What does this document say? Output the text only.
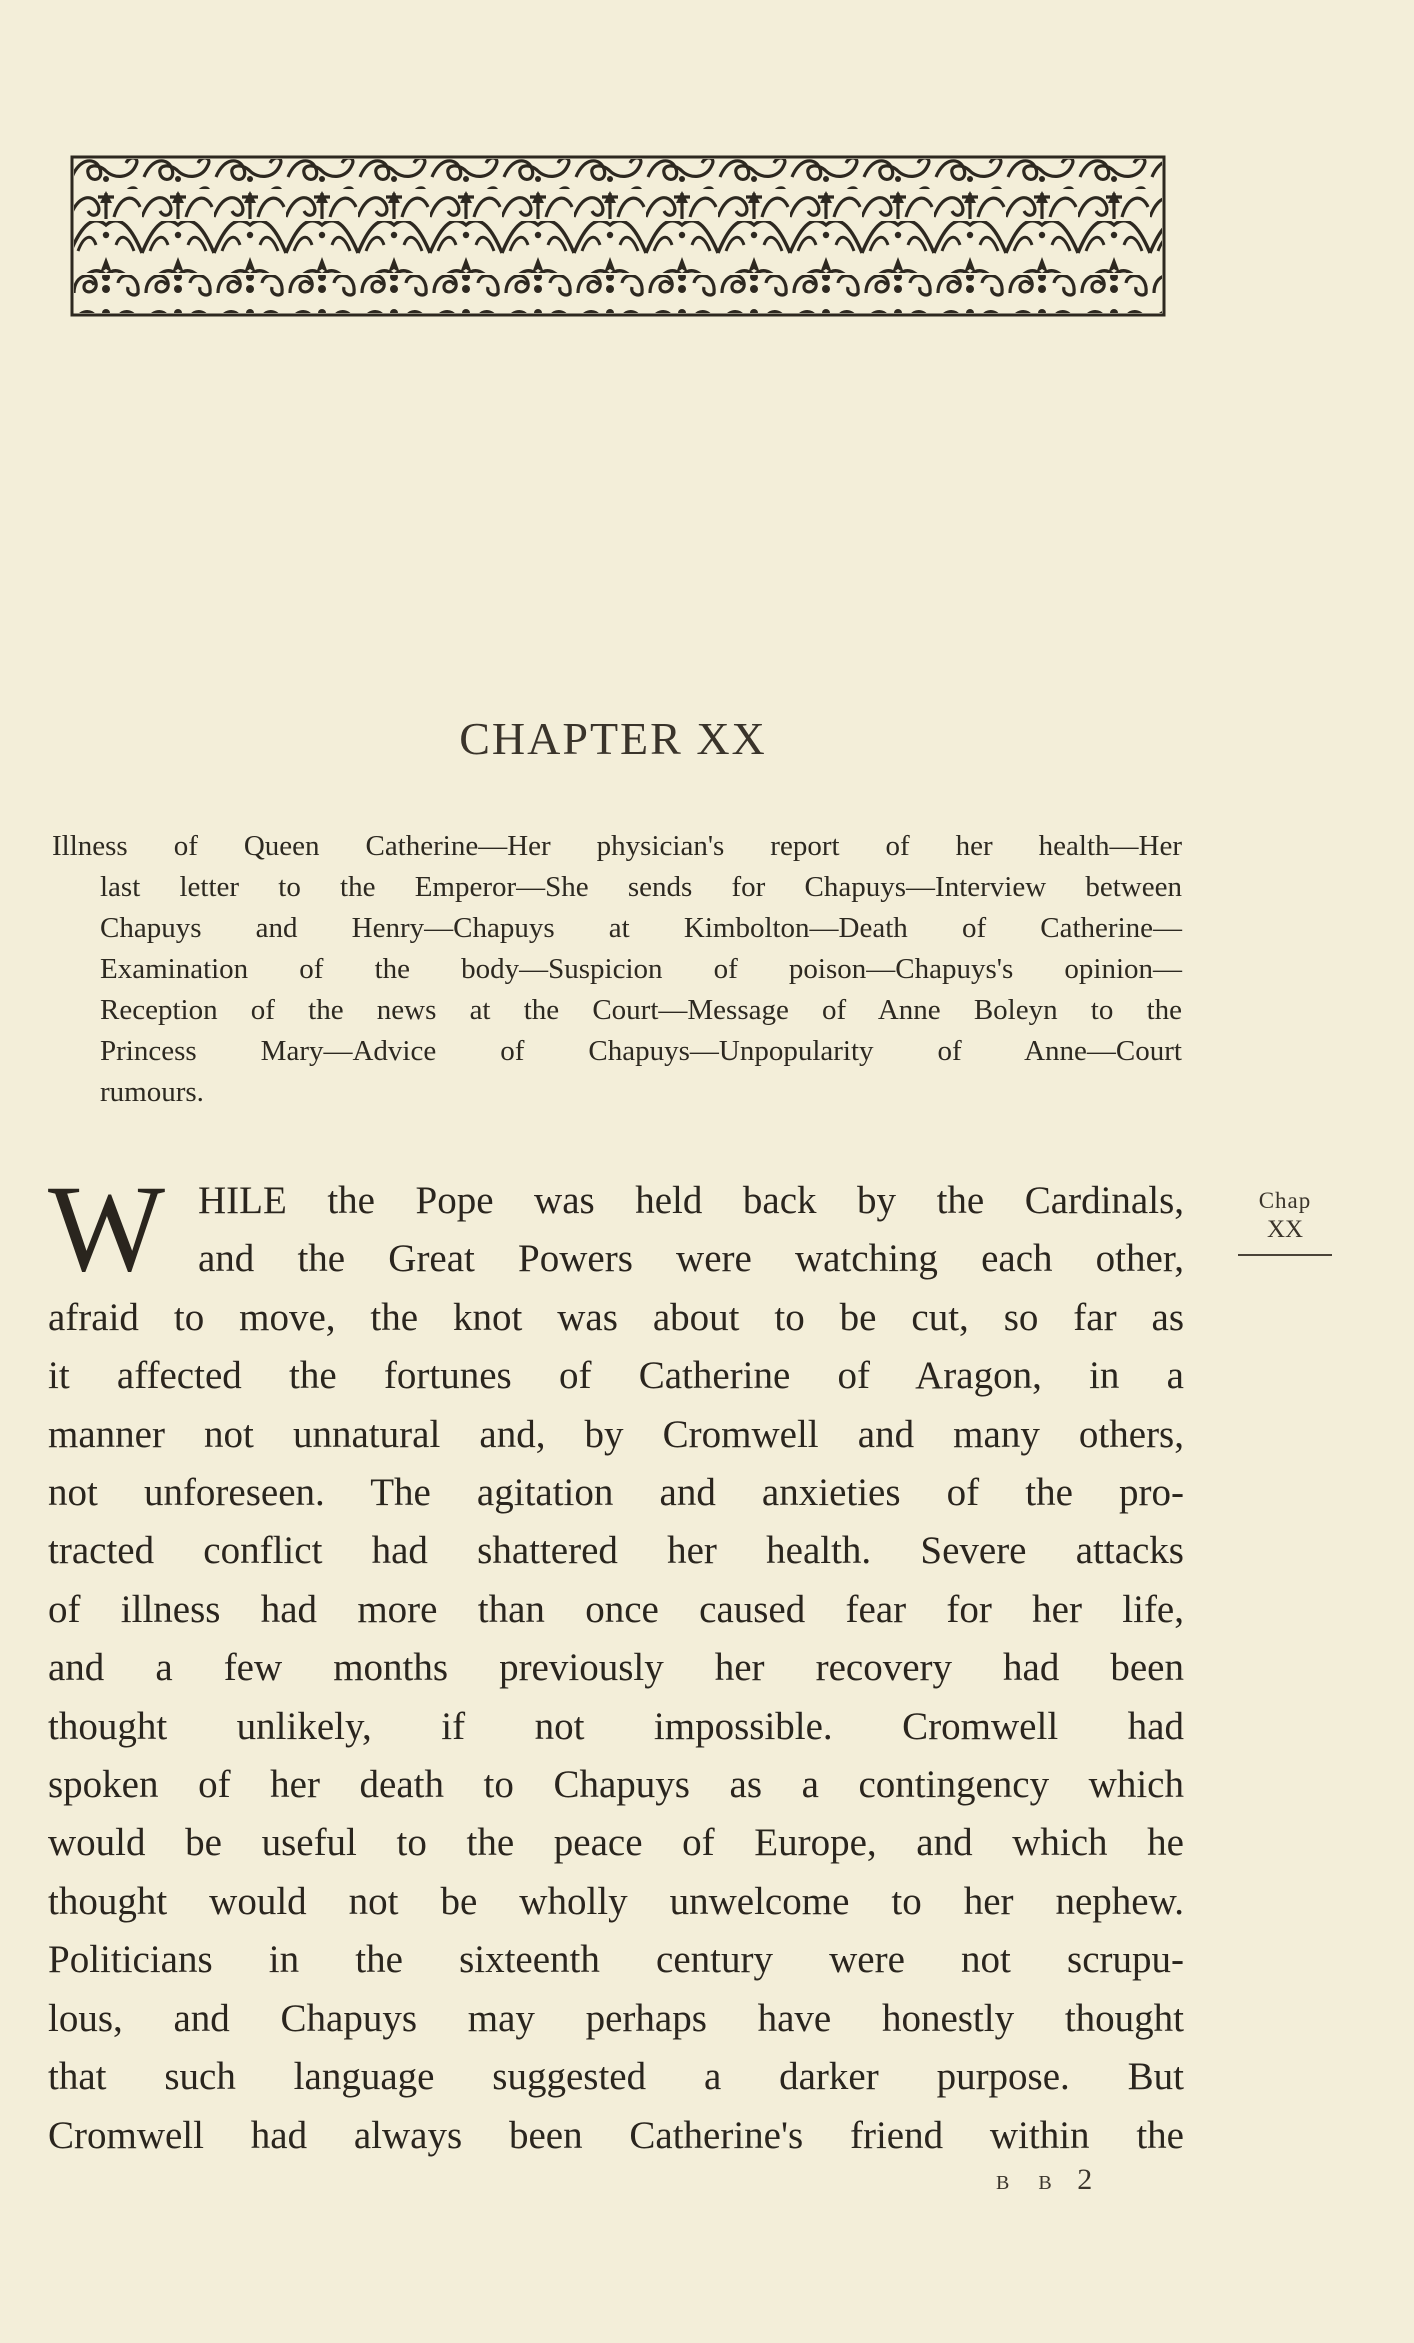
CHAPTER XX
Illness of Queen Catherine—Her physician's report of her health—Her
last letter to the Emperor—She sends for Chapuys—Interview between
Chapuys and Henry—Chapuys at Kimbolton—Death of Catherine—
Examination of the body—Suspicion of poison—Chapuys's opinion—
Reception of the news at the Court—Message of Anne Boleyn to the
Princess Mary—Advice of Chapuys—Unpopularity of Anne—Court
rumours.
Chap
XX
W HILE the Pope was held back by the Cardinals,
and the Great Powers were watching each other,
afraid to move, the knot was about to be cut, so far as
it affected the fortunes of Catherine of Aragon, in a
manner not unnatural and, by Cromwell and many others,
not unforeseen. The agitation and anxieties of the pro-
tracted conflict had shattered her health. Severe attacks
of illness had more than once caused fear for her life,
and a few months previously her recovery had been
thought unlikely, if not impossible. Cromwell had
spoken of her death to Chapuys as a contingency which
would be useful to the peace of Europe, and which he
thought would not be wholly unwelcome to her nephew.
Politicians in the sixteenth century were not scrupu-
lous, and Chapuys may perhaps have honestly thought
that such language suggested a darker purpose. But
Cromwell had always been Catherine's friend within the
B B 2
